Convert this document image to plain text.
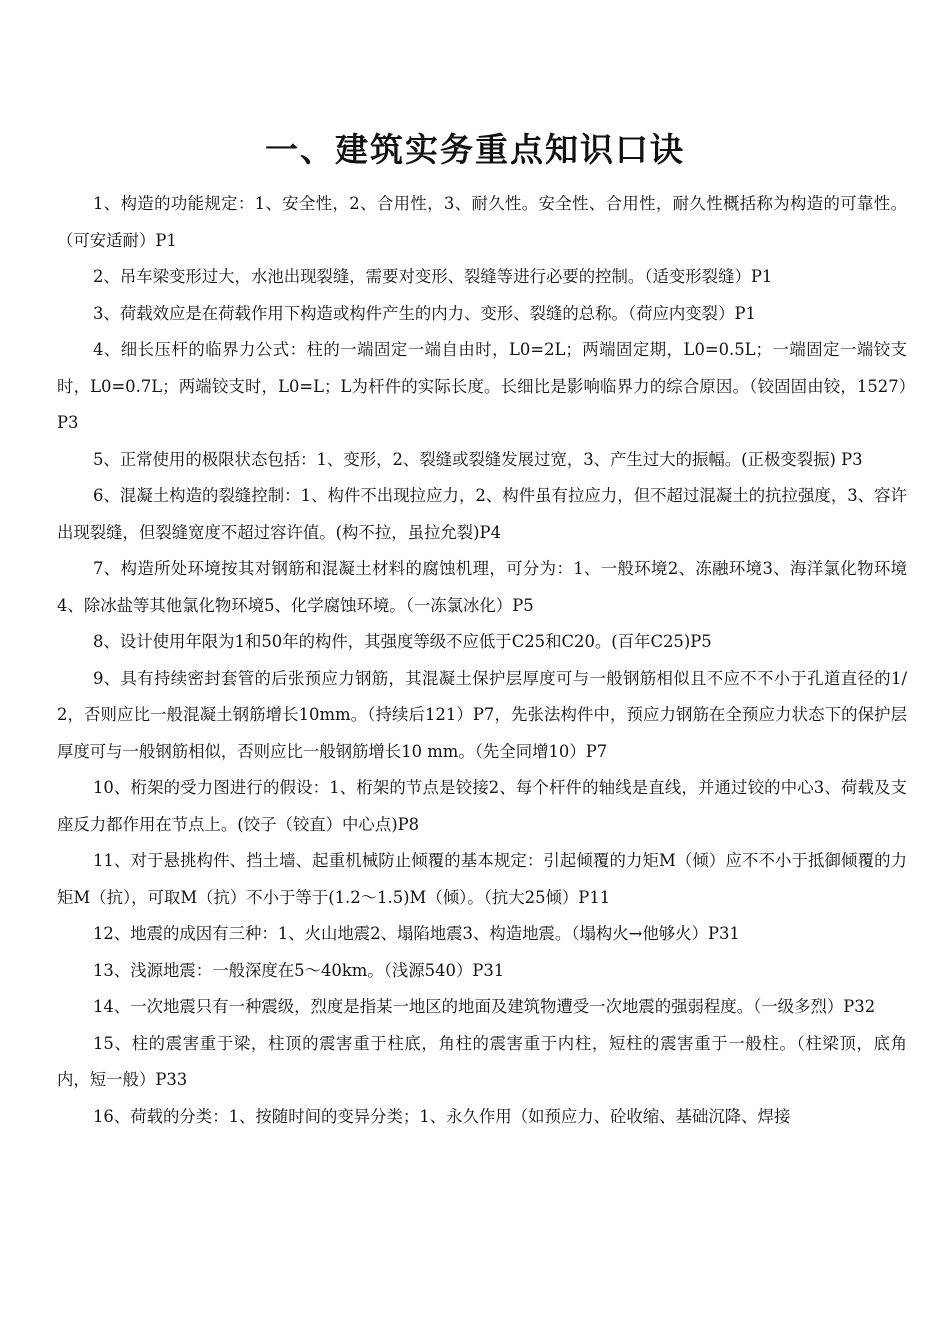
一、建筑实务重点知识口诀

1、构造的功能规定：1、安全性，2、合用性，3、耐久性。安全性、合用性，耐久性概括称为构造的可靠性。（可安适耐）P1

2、吊车梁变形过大，水池出现裂缝，需要对变形、裂缝等进行必要的控制。（适变形裂缝）P1

3、荷载效应是在荷载作用下构造或构件产生的内力、变形、裂缝的总称。（荷应内变裂）P1

4、细长压杆的临界力公式：柱的一端固定一端自由时，L0=2L；两端固定期，L0=0.5L；一端固定一端铰支时，L0=0.7L；两端铰支时，L0=L；L为杆件的实际长度。长细比是影响临界力的综合原因。（铰固固由铰，1527）P3

5、正常使用的极限状态包括：1、变形，2、裂缝或裂缝发展过宽，3、产生过大的振幅。(正极变裂振) P3

6、混凝土构造的裂缝控制：1、构件不出现拉应力，2、构件虽有拉应力，但不超过混凝土的抗拉强度，3、容许出现裂缝，但裂缝宽度不超过容许值。(构不拉，虽拉允裂)P4

7、构造所处环境按其对钢筋和混凝土材料的腐蚀机理，可分为：1、一般环境2、冻融环境3、海洋氯化物环境4、除冰盐等其他氯化物环境5、化学腐蚀环境。（一冻氯冰化）P5

8、设计使用年限为1和50年的构件，其强度等级不应低于C25和C20。(百年C25)P5

9、具有持续密封套管的后张预应力钢筋，其混凝土保护层厚度可与一般钢筋相似且不应不不小于孔道直径的1/2，否则应比一般混凝土钢筋增长10mm。（持续后121）P7，先张法构件中，预应力钢筋在全预应力状态下的保护层厚度可与一般钢筋相似，否则应比一般钢筋增长10 mm。（先全同增10）P7

10、桁架的受力图进行的假设：1、桁架的节点是铰接2、每个杆件的轴线是直线，并通过铰的中心3、荷载及支座反力都作用在节点上。(饺子（铰直）中心点)P8

11、对于悬挑构件、挡土墙、起重机械防止倾覆的基本规定：引起倾覆的力矩M（倾）应不不小于抵御倾覆的力矩M（抗），可取M（抗）不小于等于(1.2～1.5)M（倾）。（抗大25倾）P11

12、地震的成因有三种：1、火山地震2、塌陷地震3、构造地震。（塌构火→他够火）P31

13、浅源地震：一般深度在5～40km。（浅源540）P31

14、一次地震只有一种震级，烈度是指某一地区的地面及建筑物遭受一次地震的强弱程度。（一级多烈）P32

15、柱的震害重于梁，柱顶的震害重于柱底，角柱的震害重于内柱，短柱的震害重于一般柱。（柱梁顶，底角内，短一般）P33

16、荷载的分类：1、按随时间的变异分类；1、永久作用（如预应力、砼收缩、基础沉降、焊接
